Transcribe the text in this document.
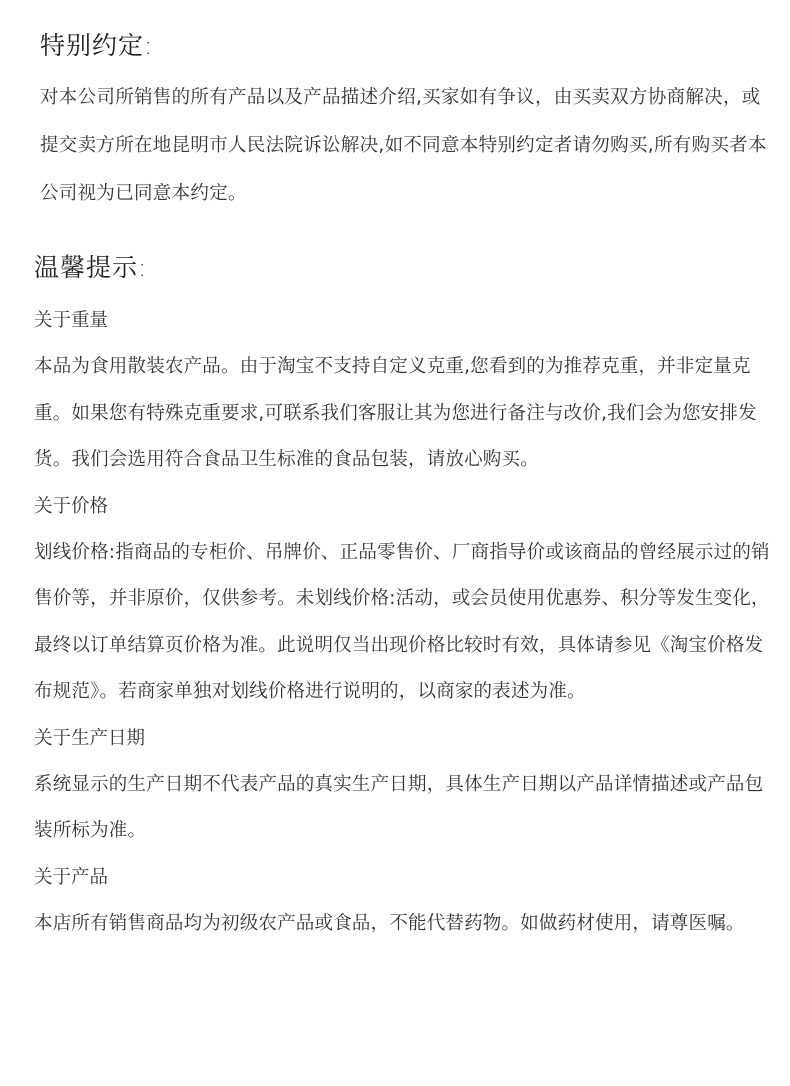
特别约定:

对本公司所销售的所有产品以及产品描述介绍,买家如有争议，由买卖双方协商解决，或提交卖方所在地昆明市人民法院诉讼解决,如不同意本特别约定者请勿购买,所有购买者本公司视为已同意本约定。

温馨提示:

关于重量

本品为食用散装农产品。由于淘宝不支持自定义克重,您看到的为推荐克重，并非定量克重。如果您有特殊克重要求,可联系我们客服让其为您进行备注与改价,我们会为您安排发货。我们会选用符合食品卫生标准的食品包装，请放心购买。

关于价格

划线价格:指商品的专柜价、吊牌价、正品零售价、厂商指导价或该商品的曾经展示过的销售价等，并非原价，仅供参考。未划线价格:活动，或会员使用优惠券、积分等发生变化，最终以订单结算页价格为准。此说明仅当出现价格比较时有效，具体请参见《淘宝价格发布规范》。若商家单独对划线价格进行说明的，以商家的表述为准。

关于生产日期

系统显示的生产日期不代表产品的真实生产日期，具体生产日期以产品详情描述或产品包装所标为准。

关于产品

本店所有销售商品均为初级农产品或食品，不能代替药物。如做药材使用，请尊医嘱。
